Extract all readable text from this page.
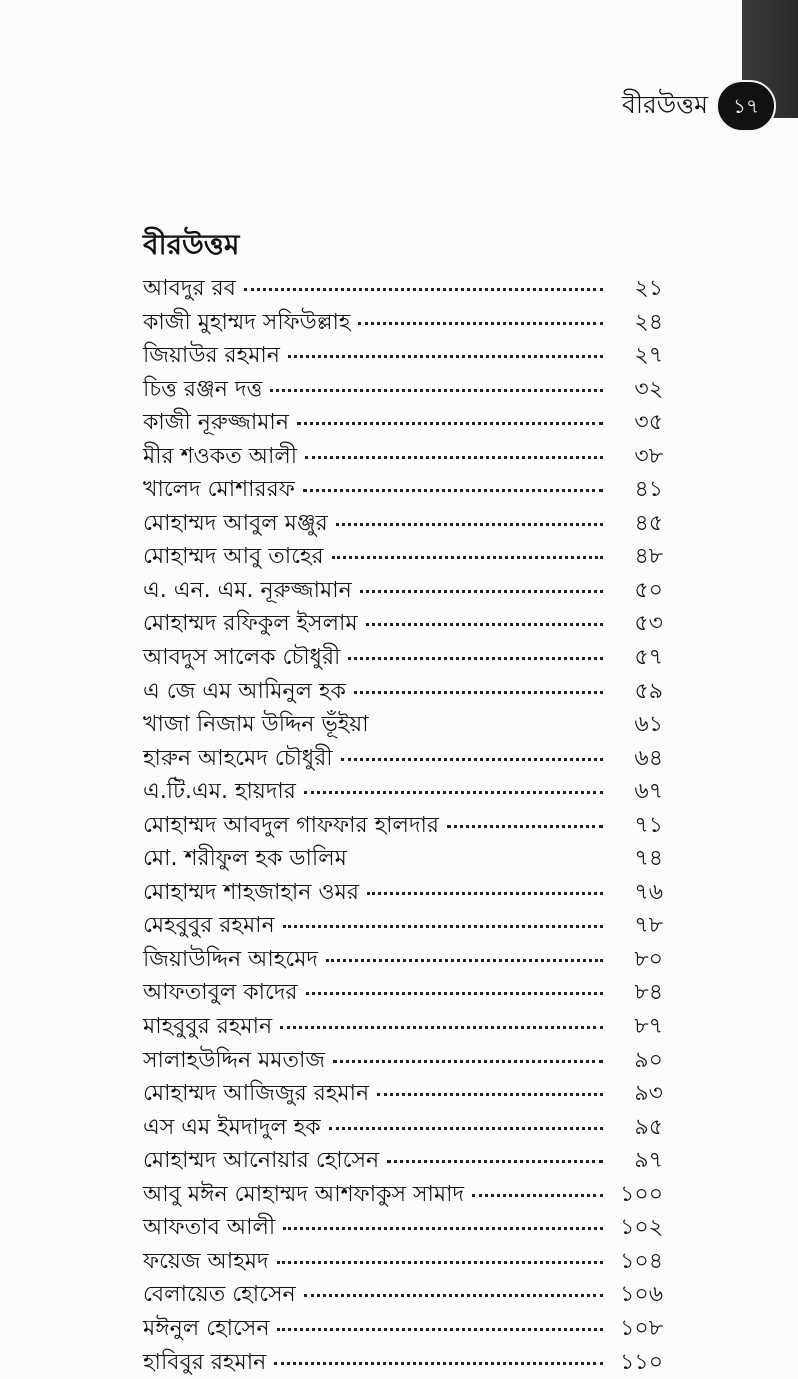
বীরউত্তম	১৭
বীরউত্তম
আবদুর রব	২১
কাজী মুহাম্মদ সফিউল্লাহ	২৪
জিয়াউর রহমান	২৭
চিত্ত রঞ্জন দত্ত	৩২
কাজী নূরুজ্জামান	৩৫
মীর শওকত আলী	৩৮
খালেদ মোশাররফ	৪১
মোহাম্মদ আবুল মঞ্জুর	৪৫
মোহাম্মদ আবু তাহের	৪৮
এ. এন. এম. নূরুজ্জামান	৫০
মোহাম্মদ রফিকুল ইসলাম	৫৩
আবদুস সালেক চৌধুরী	৫৭
এ জে এম আমিনুল হক	৫৯
খাজা নিজাম উদ্দিন ভূঁইয়া	৬১
হারুন আহমেদ চৌধুরী	৬৪
এ.টি.এম. হায়দার	৬৭
মোহাম্মদ আবদুল গাফফার হালদার	৭১
মো. শরীফুল হক ডালিম	৭৪
মোহাম্মদ শাহজাহান ওমর	৭৬
মেহবুবুর রহমান	৭৮
জিয়াউদ্দিন আহমেদ	৮০
আফতাবুল কাদের	৮৪
মাহবুবুর রহমান	৮৭
সালাহউদ্দিন মমতাজ	৯০
মোহাম্মদ আজিজুর রহমান	৯৩
এস এম ইমদাদুল হক	৯৫
মোহাম্মদ আনোয়ার হোসেন	৯৭
আবু মঈন মোহাম্মদ আশফাকুস সামাদ	১০০
আফতাব আলী	১০২
ফয়েজ আহমদ	১০৪
বেলায়েত হোসেন	১০৬
মঈনুল হোসেন	১০৮
হাবিবুর রহমান	১১০
